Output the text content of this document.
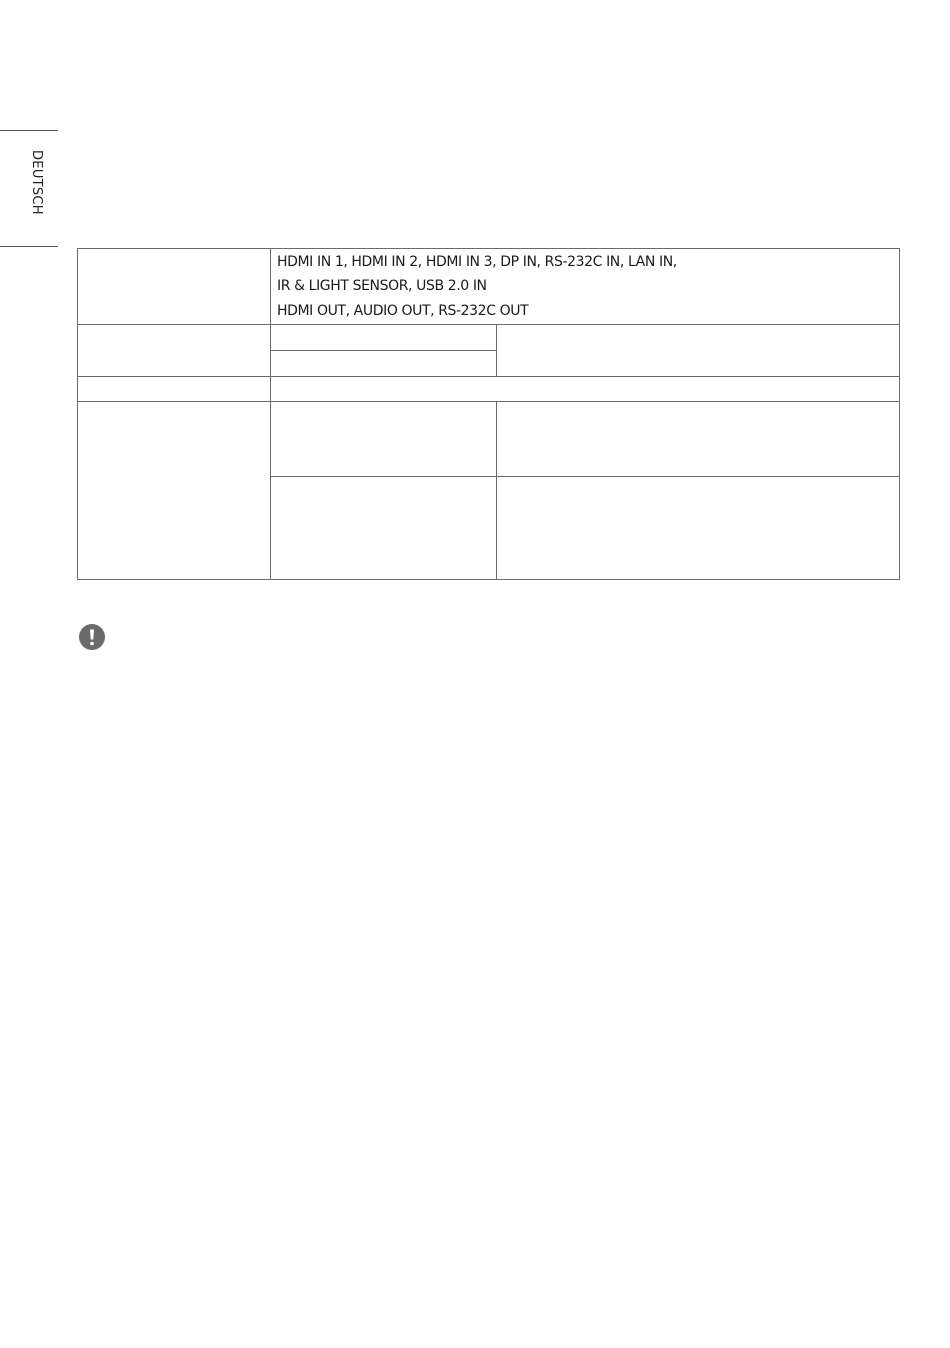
DEUTSCH

	HDMI IN 1, HDMI IN 2, HDMI IN 3, DP IN, RS-232C IN, LAN IN,
IR & LIGHT SENSOR, USB 2.0 IN
HDMI OUT, AUDIO OUT, RS-232C OUT	
